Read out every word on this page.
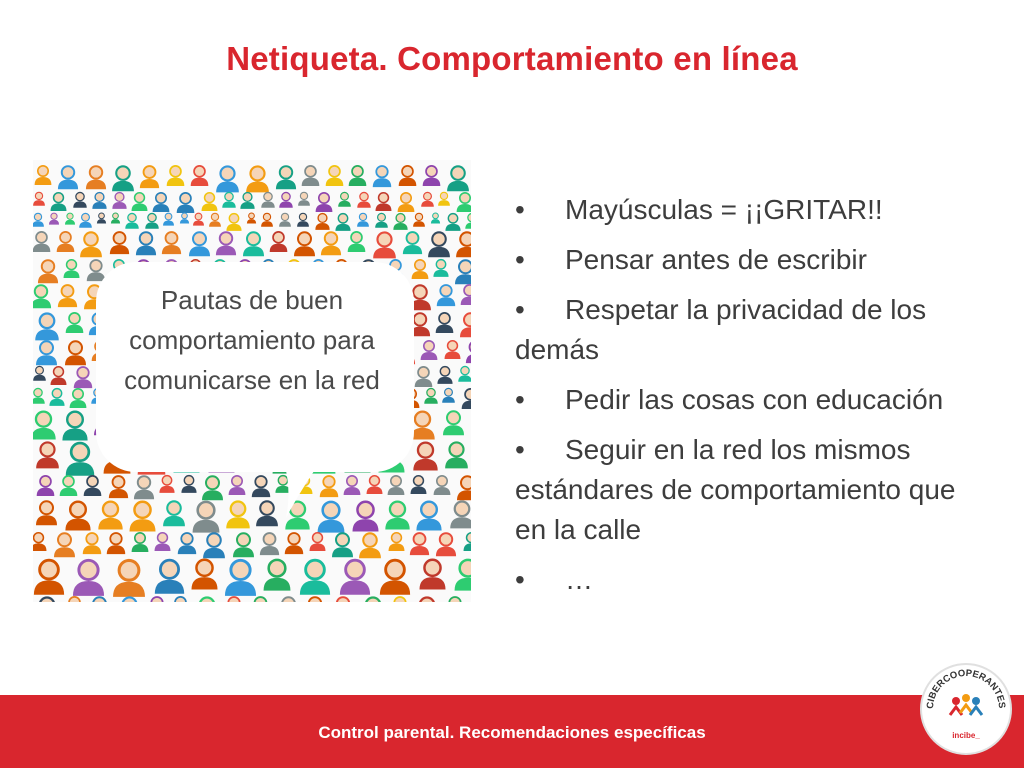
Netiqueta. Comportamiento en línea
Pautas de buen comportamiento para comunicarse en la red
• Mayúsculas = ¡¡GRITAR!!
• Pensar antes de escribir
• Respetar la privacidad de los demás
• Pedir las cosas con educación
• Seguir en la red los mismos estándares de comportamiento que en la calle
• …
Control parental. Recomendaciones específicas
CIBERCOOPERANTES
incibe_
